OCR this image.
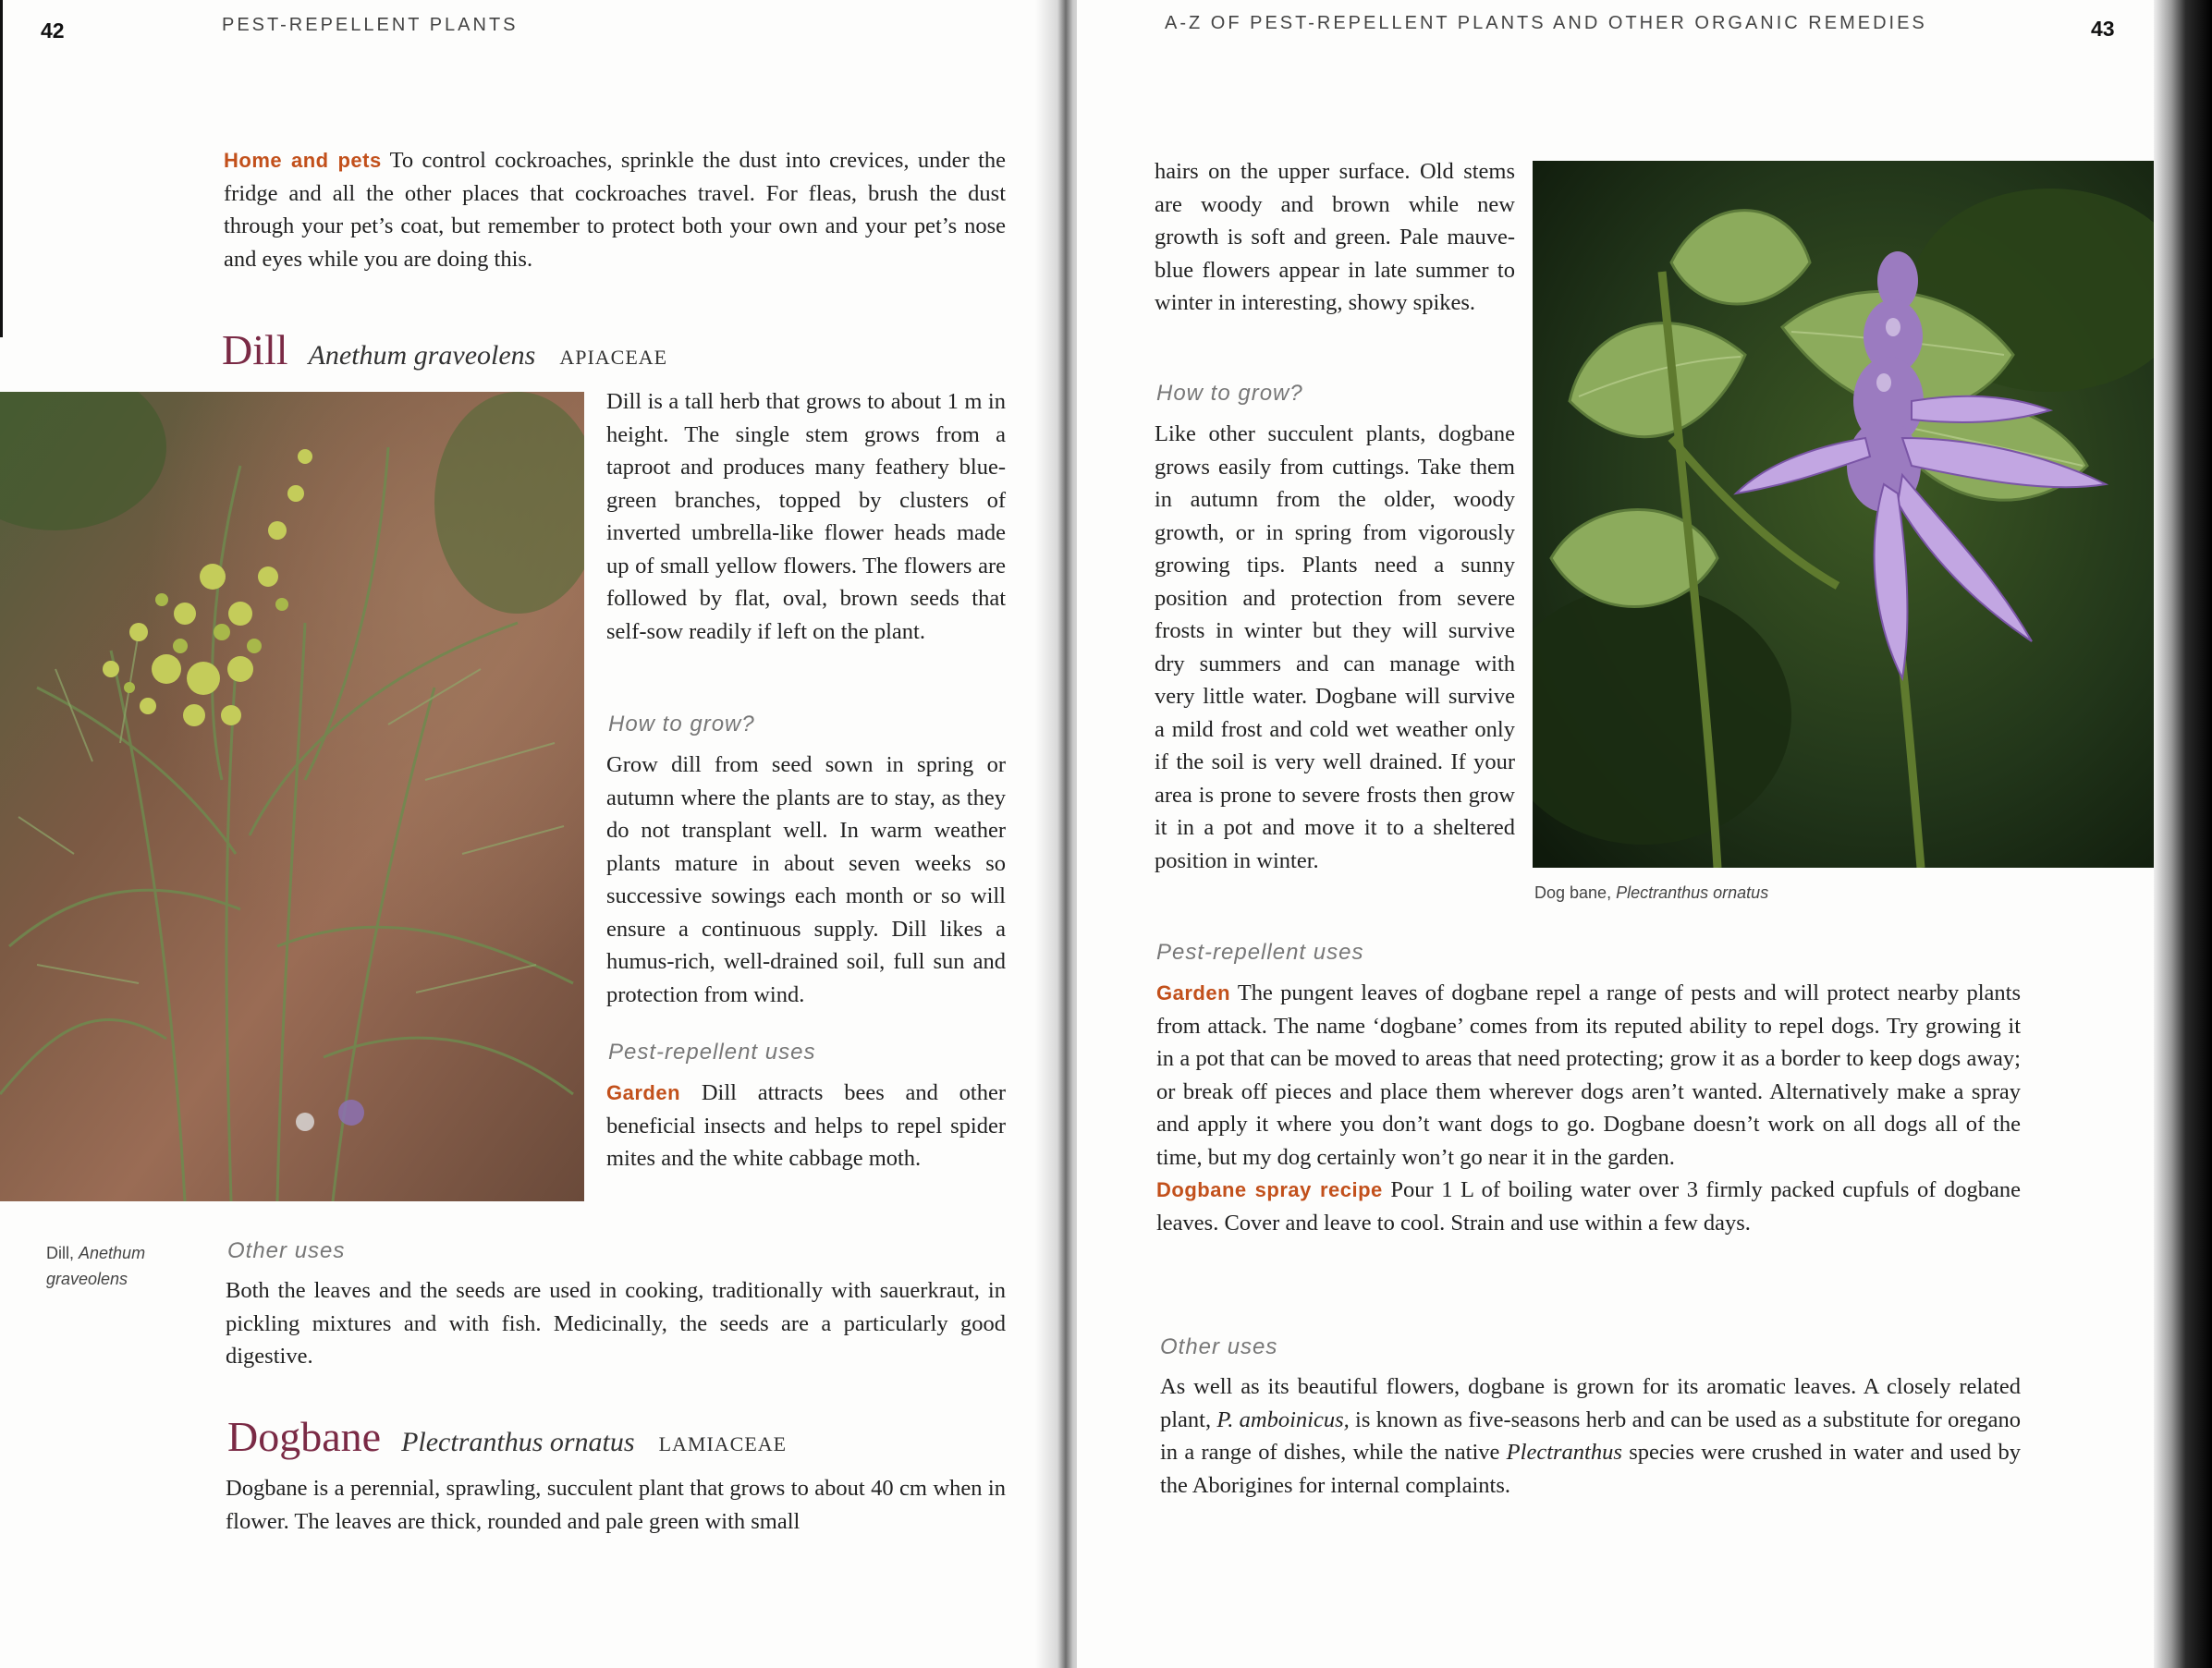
42	PEST-REPELLENT PLANTS

Home and pets To control cockroaches, sprinkle the dust into crevices, under the fridge and all the other places that cockroaches travel. For fleas, brush the dust through your pet’s coat, but remember to protect both your own and your pet’s nose and eyes while you are doing this.

Dill Anethum graveolens APIACEAE

Dill is a tall herb that grows to about 1 m in height. The single stem grows from a taproot and produces many feathery blue-green branches, topped by clusters of inverted umbrella-like flower heads made up of small yellow flowers. The flowers are followed by flat, oval, brown seeds that self-sow readily if left on the plant.

How to grow?

Grow dill from seed sown in spring or autumn where the plants are to stay, as they do not transplant well. In warm weather plants mature in about seven weeks so successive sowings each month or so will ensure a continuous supply. Dill likes a humus-rich, well-drained soil, full sun and protection from wind.

Pest-repellent uses

Garden Dill attracts bees and other beneficial insects and helps to repel spider mites and the white cabbage moth.

Dill, Anethum graveolens
Other uses

Both the leaves and the seeds are used in cooking, traditionally with sauerkraut, in pickling mixtures and with fish. Medicinally, the seeds are a particularly good digestive.

Dogbane Plectranthus ornatus LAMIACEAE

Dogbane is a perennial, sprawling, succulent plant that grows to about 40 cm when in flower. The leaves are thick, rounded and pale green with small

A-Z OF PEST-REPELLENT PLANTS AND OTHER ORGANIC REMEDIES	43

hairs on the upper surface. Old stems are woody and brown while new growth is soft and green. Pale mauve-blue flowers appear in late summer to winter in interesting, showy spikes.

How to grow?

Like other succulent plants, dogbane grows easily from cuttings. Take them in autumn from the older, woody growth, or in spring from vigorously growing tips. Plants need a sunny position and protection from severe frosts in winter but they will survive dry summers and can manage with very little water. Dogbane will survive a mild frost and cold wet weather only if the soil is very well drained. If your area is prone to severe frosts then grow it in a pot and move it to a sheltered position in winter.

Dog bane, Plectranthus ornatus
Pest-repellent uses

Garden The pungent leaves of dogbane repel a range of pests and will protect nearby plants from attack. The name ‘dogbane’ comes from its reputed ability to repel dogs. Try growing it in a pot that can be moved to areas that need protecting; grow it as a border to keep dogs away; or break off pieces and place them wherever dogs aren’t wanted. Alternatively make a spray and apply it where you don’t want dogs to go. Dogbane doesn’t work on all dogs all of the time, but my dog certainly won’t go near it in the garden.
Dogbane spray recipe Pour 1 L of boiling water over 3 firmly packed cupfuls of dogbane leaves. Cover and leave to cool. Strain and use within a few days.

Other uses

As well as its beautiful flowers, dogbane is grown for its aromatic leaves. A closely related plant, P. amboinicus, is known as five-seasons herb and can be used as a substitute for oregano in a range of dishes, while the native Plectranthus species were crushed in water and used by the Aborigines for internal complaints.
